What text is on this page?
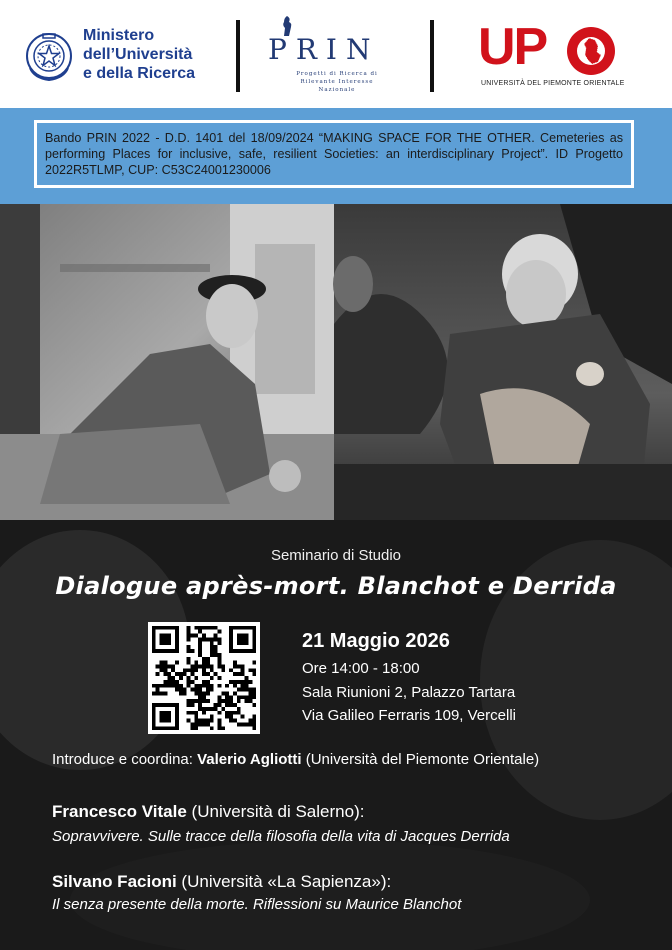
Ministero
dell’Università
e della Ricerca
PRIN
Progetti di Ricerca di
Rilevante Interesse
Nazionale
UP
UNIVERSITÀ DEL PIEMONTE ORIENTALE
Bando PRIN 2022 - D.D. 1401 del 18/09/2024 “MAKING SPACE FOR THE OTHER. Cemeteries as performing Places for inclusive, safe, resilient Societies: an interdisciplinary Project”. ID Progetto 2022R5TLMP, CUP: C53C24001230006
Seminario di Studio
Dialogue après-mort. Blanchot e Derrida
21 Maggio 2026
Ore 14:00 - 18:00
Sala Riunioni 2, Palazzo Tartara
Via Galileo Ferraris 109, Vercelli
Introduce e coordina: Valerio Agliotti (Università del Piemonte Orientale)
Francesco Vitale (Università di Salerno):
Sopravvivere. Sulle tracce della filosofia della vita di Jacques Derrida
Silvano Facioni (Università «La Sapienza»):
Il senza presente della morte. Riflessioni su Maurice Blanchot
